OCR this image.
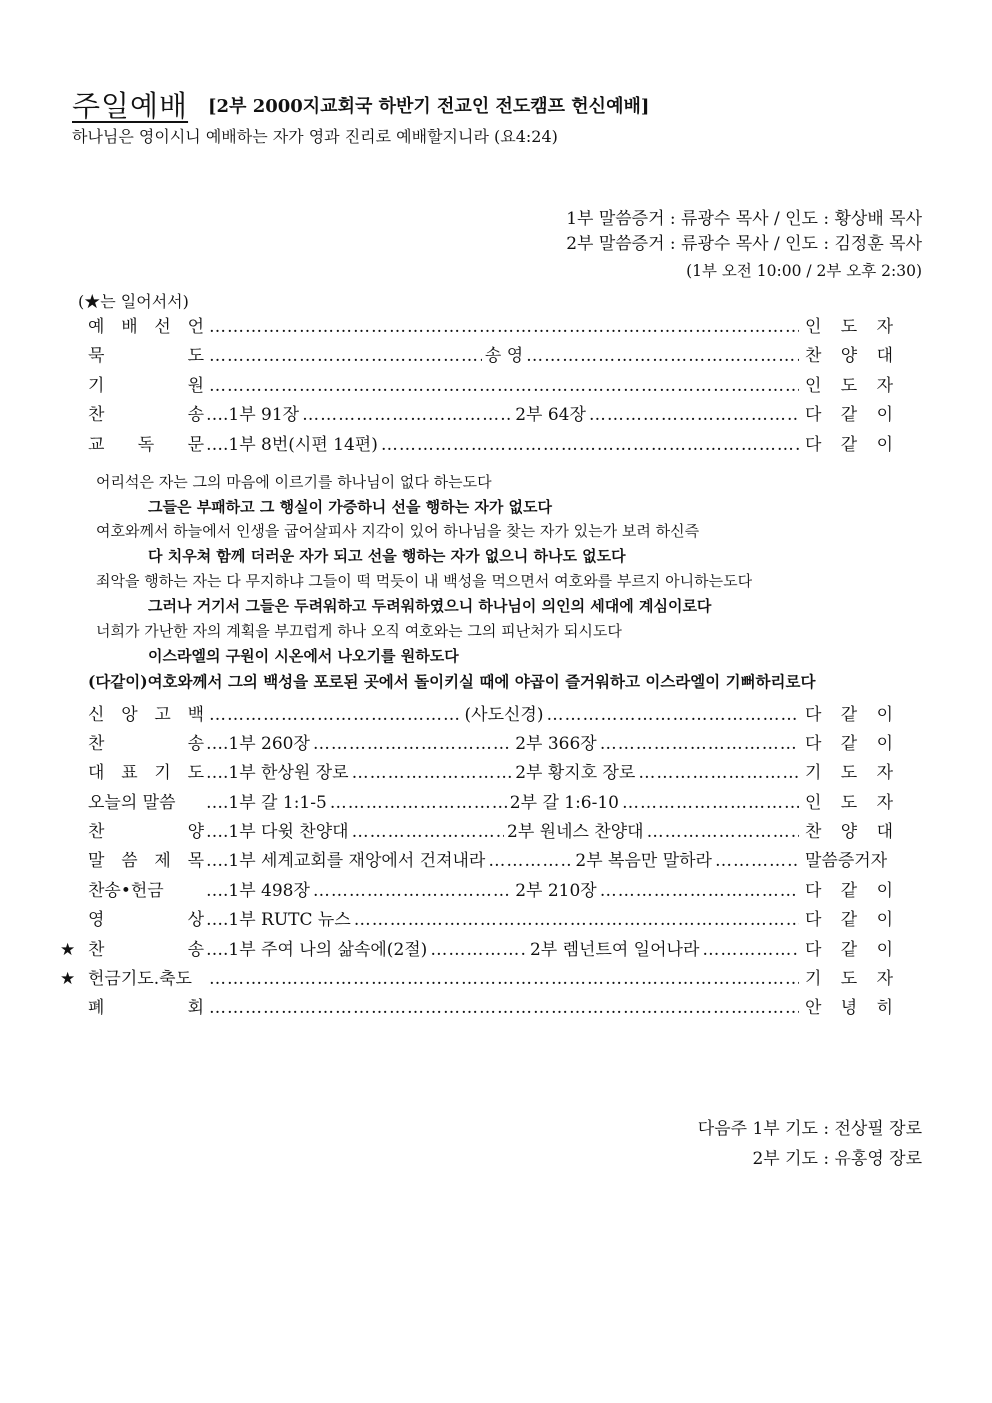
주일예배 [2부 2000지교회국 하반기 전교인 전도캠프 헌신예배]
하나님은 영이시니 예배하는 자가 영과 진리로 예배할지니라 (요4:24)
1부 말씀증거 : 류광수 목사 / 인도 : 황상배 목사
2부 말씀증거 : 류광수 목사 / 인도 : 김정훈 목사
(1부 오전 10:00 / 2부 오후 2:30)
(★는 일어서서)
예 배 선 언 ……………………………………………………………………………………………………………………………………………………………………………	인 도 자
묵	도 ……………………………………………………………………………………………………………………………………………………………………………	송 영 ……………………………………………………………………………………………………………………………………………………………………………	찬 양 대
기	원 ……………………………………………………………………………………………………………………………………………………………………………	인 도 자
찬	송 …. 1부 91장 ……………………………………………………………………………………………………………………………………………………………………………	2부 64장 ……………………………………………………………………………………………………………………………………………………………………………	다 같 이
교 독 문 …. 1부 8번(시편 14편) ……………………………………………………………………………………………………………………………………………………………………………	다 같 이
어리석은 자는 그의 마음에 이르기를 하나님이 없다 하는도다
그들은 부패하고 그 행실이 가증하니 선을 행하는 자가 없도다
여호와께서 하늘에서 인생을 굽어살피사 지각이 있어 하나님을 찾는 자가 있는가 보려 하신즉
다 치우쳐 함께 더러운 자가 되고 선을 행하는 자가 없으니 하나도 없도다
죄악을 행하는 자는 다 무지하냐 그들이 떡 먹듯이 내 백성을 먹으면서 여호와를 부르지 아니하는도다
그러나 거기서 그들은 두려워하고 두려워하였으니 하나님이 의인의 세대에 계심이로다
너희가 가난한 자의 계획을 부끄럽게 하나 오직 여호와는 그의 피난처가 되시도다
이스라엘의 구원이 시온에서 나오기를 원하도다
(다같이)여호와께서 그의 백성을 포로된 곳에서 돌이키실 때에 야곱이 즐거워하고 이스라엘이 기뻐하리로다
신 앙 고 백 ……………………………………………………………………………………………………………………………………………………………………………	(사도신경) ……………………………………………………………………………………………………………………………………………………………………………	다 같 이
찬	송 …. 1부 260장 ……………………………………………………………………………………………………………………………………………………………………………	2부 366장 ……………………………………………………………………………………………………………………………………………………………………………	다 같 이
대 표 기 도 …. 1부 한상원 장로 ……………………………………………………………………………………………………………………………………………………………………………	2부 황지호 장로 ……………………………………………………………………………………………………………………………………………………………………………	기 도 자
오늘의 말씀 …. 1부 갈 1:1-5 ……………………………………………………………………………………………………………………………………………………………………………	2부 갈 1:6-10 ……………………………………………………………………………………………………………………………………………………………………………	인 도 자
찬	양 …. 1부 다윗 찬양대 ……………………………………………………………………………………………………………………………………………………………………………	2부 원네스 찬양대 ……………………………………………………………………………………………………………………………………………………………………………	찬 양 대
말 씀 제 목 …. 1부 세계교회를 재앙에서 건져내라 ……………………………………………………………………………………………………………………………………………………………………………	2부 복음만 말하라 ……………………………………………………………………………………………………………………………………………………………………………	말씀증거자
찬송•헌금 …. 1부 498장 ……………………………………………………………………………………………………………………………………………………………………………	2부 210장 ……………………………………………………………………………………………………………………………………………………………………………	다 같 이
영	상 …. 1부 RUTC 뉴스 ……………………………………………………………………………………………………………………………………………………………………………	다 같 이
★ 찬	송 …. 1부 주여 나의 삶속에(2절) ……………………………………………………………………………………………………………………………………………………………………………	2부 렘넌트여 일어나라 ……………………………………………………………………………………………………………………………………………………………………………	다 같 이
★ 헌금기도.축도 ……………………………………………………………………………………………………………………………………………………………………………	기 도 자
폐	회 ……………………………………………………………………………………………………………………………………………………………………………	안 녕 히
다음주 1부 기도 : 전상필 장로
2부 기도 : 유홍영 장로
